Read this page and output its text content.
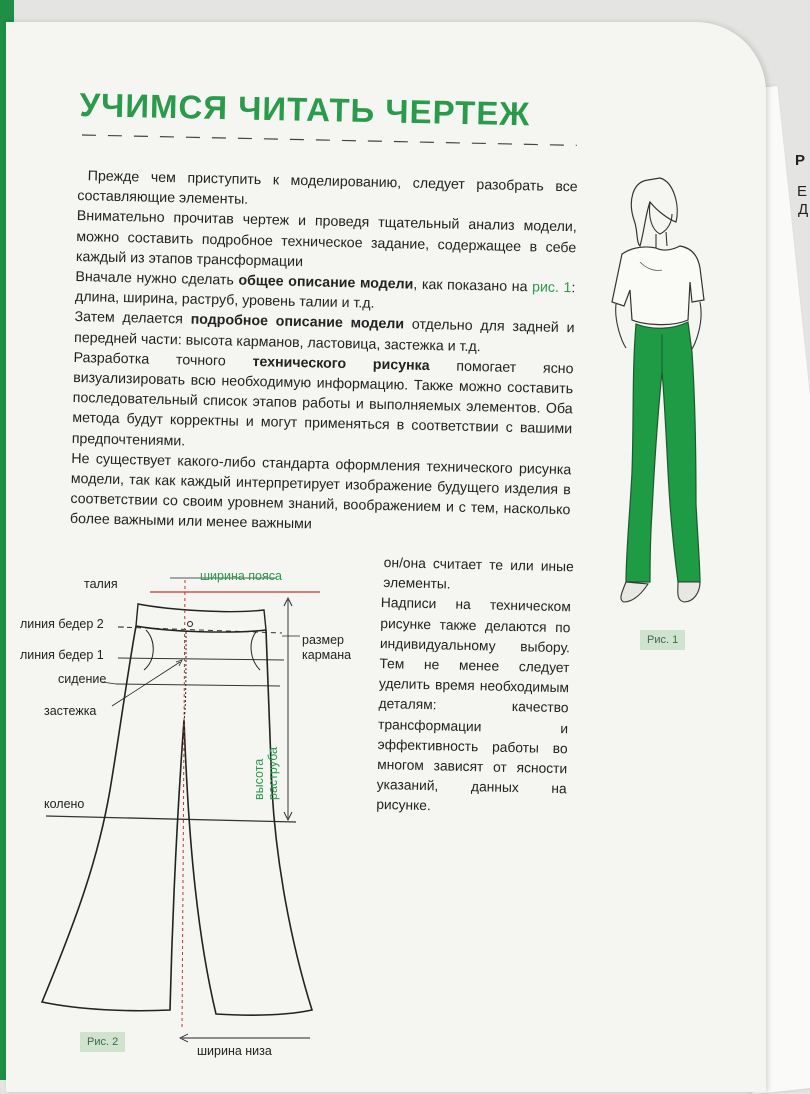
Р
Е
Д
УЧИМСЯ ЧИТАТЬ ЧЕРТЕЖ

Прежде чем приступить к моделированию, следует разобрать все составляющие элементы.

Внимательно прочитав чертеж и проведя тщательный анализ модели, можно составить подробное техническое задание, содержащее в себе каждый из этапов трансформации

Вначале нужно сделать общее описание модели, как показано на рис. 1: длина, ширина, раструб, уровень талии и т.д.

Затем делается подробное описание модели отдельно для задней и передней части: высота карманов, ластовица, застежка и т.д.

Разработка точного технического рисунка помогает ясно визуализировать всю необходимую информацию. Также можно составить последовательный список этапов работы и выполняемых элементов. Оба метода будут корректны и могут применяться в соответствии с вашими предпочтениями.

Не существует какого-либо стандарта оформления технического рисунка модели, так как каждый интерпретирует изображение будущего изделия в соответствии со своим уровнем знаний, воображением и с тем, насколько более важными или менее важными

он/она считает те или иные элементы.

Надписи на техническом рисунке также делаются по индивидуальному выбору. Тем не менее следует уделить время необходимым деталям: качество трансформации и эффективность работы во многом зависят от ясности указаний, данных на рисунке.

Рис. 1
талия
ширина пояса
линия бедер 2
линия бедер 1
размер кармана
сидение
застежка
высота раструба
колено
ширина низа
Рис. 2
